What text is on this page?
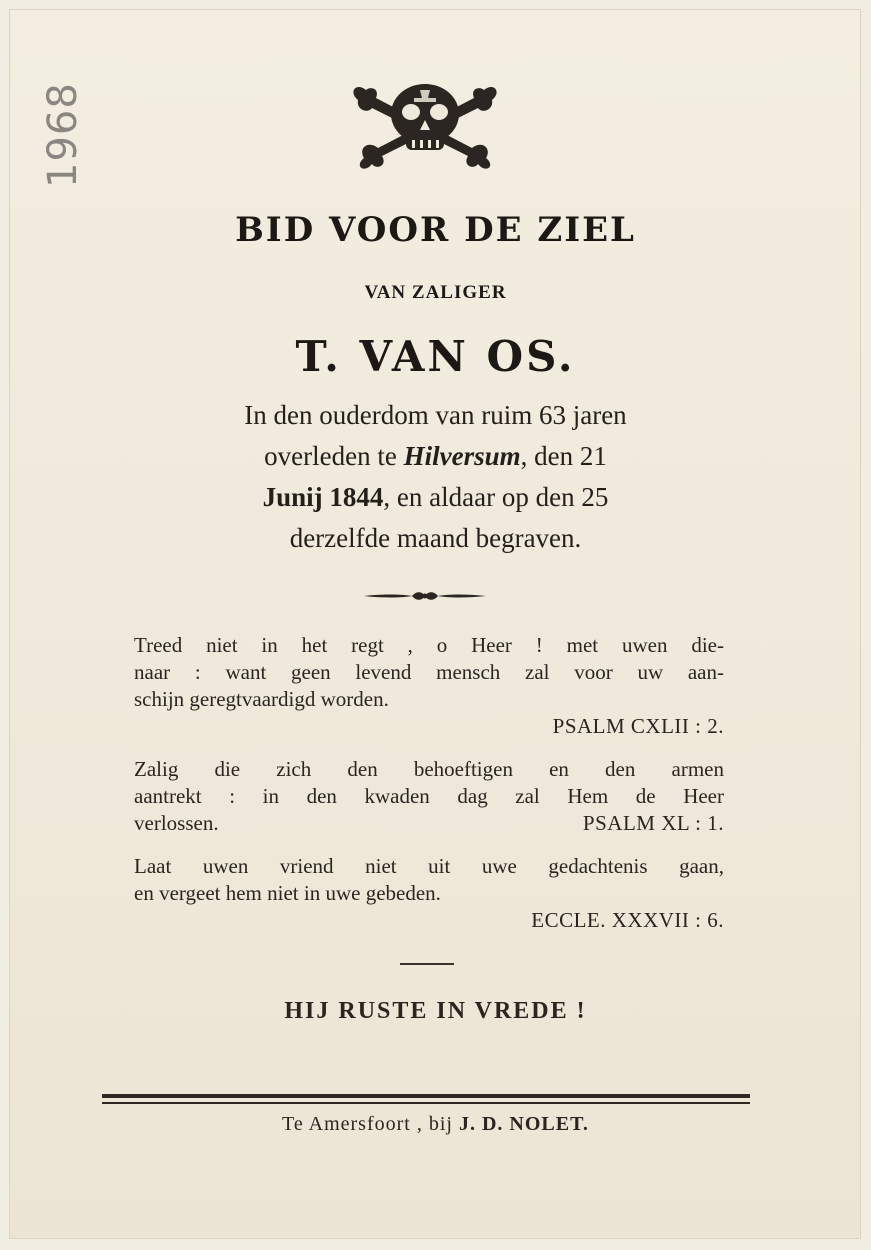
1968
BID VOOR DE ZIEL
VAN ZALIGER
T. VAN OS.
In den ouderdom van ruim 63 jaren
overleden te Hilversum, den 21
Junij 1844, en aldaar op den 25
derzelfde maand begraven.
Treed niet in het regt , o Heer ! met uwen die-
naar : want geen levend mensch zal voor uw aan-
schijn geregtvaardigd worden.
PSALM CXLII : 2.
Zalig die zich den behoeftigen en den armen
aantrekt : in den kwaden dag zal Hem de Heer
verlossen.	PSALM XL : 1.
Laat uwen vriend niet uit uwe gedachtenis gaan,
en vergeet hem niet in uwe gebeden.
ECCLE. XXXVII : 6.
HIJ RUSTE IN VREDE !
Te Amersfoort , bij J. D. NOLET.
